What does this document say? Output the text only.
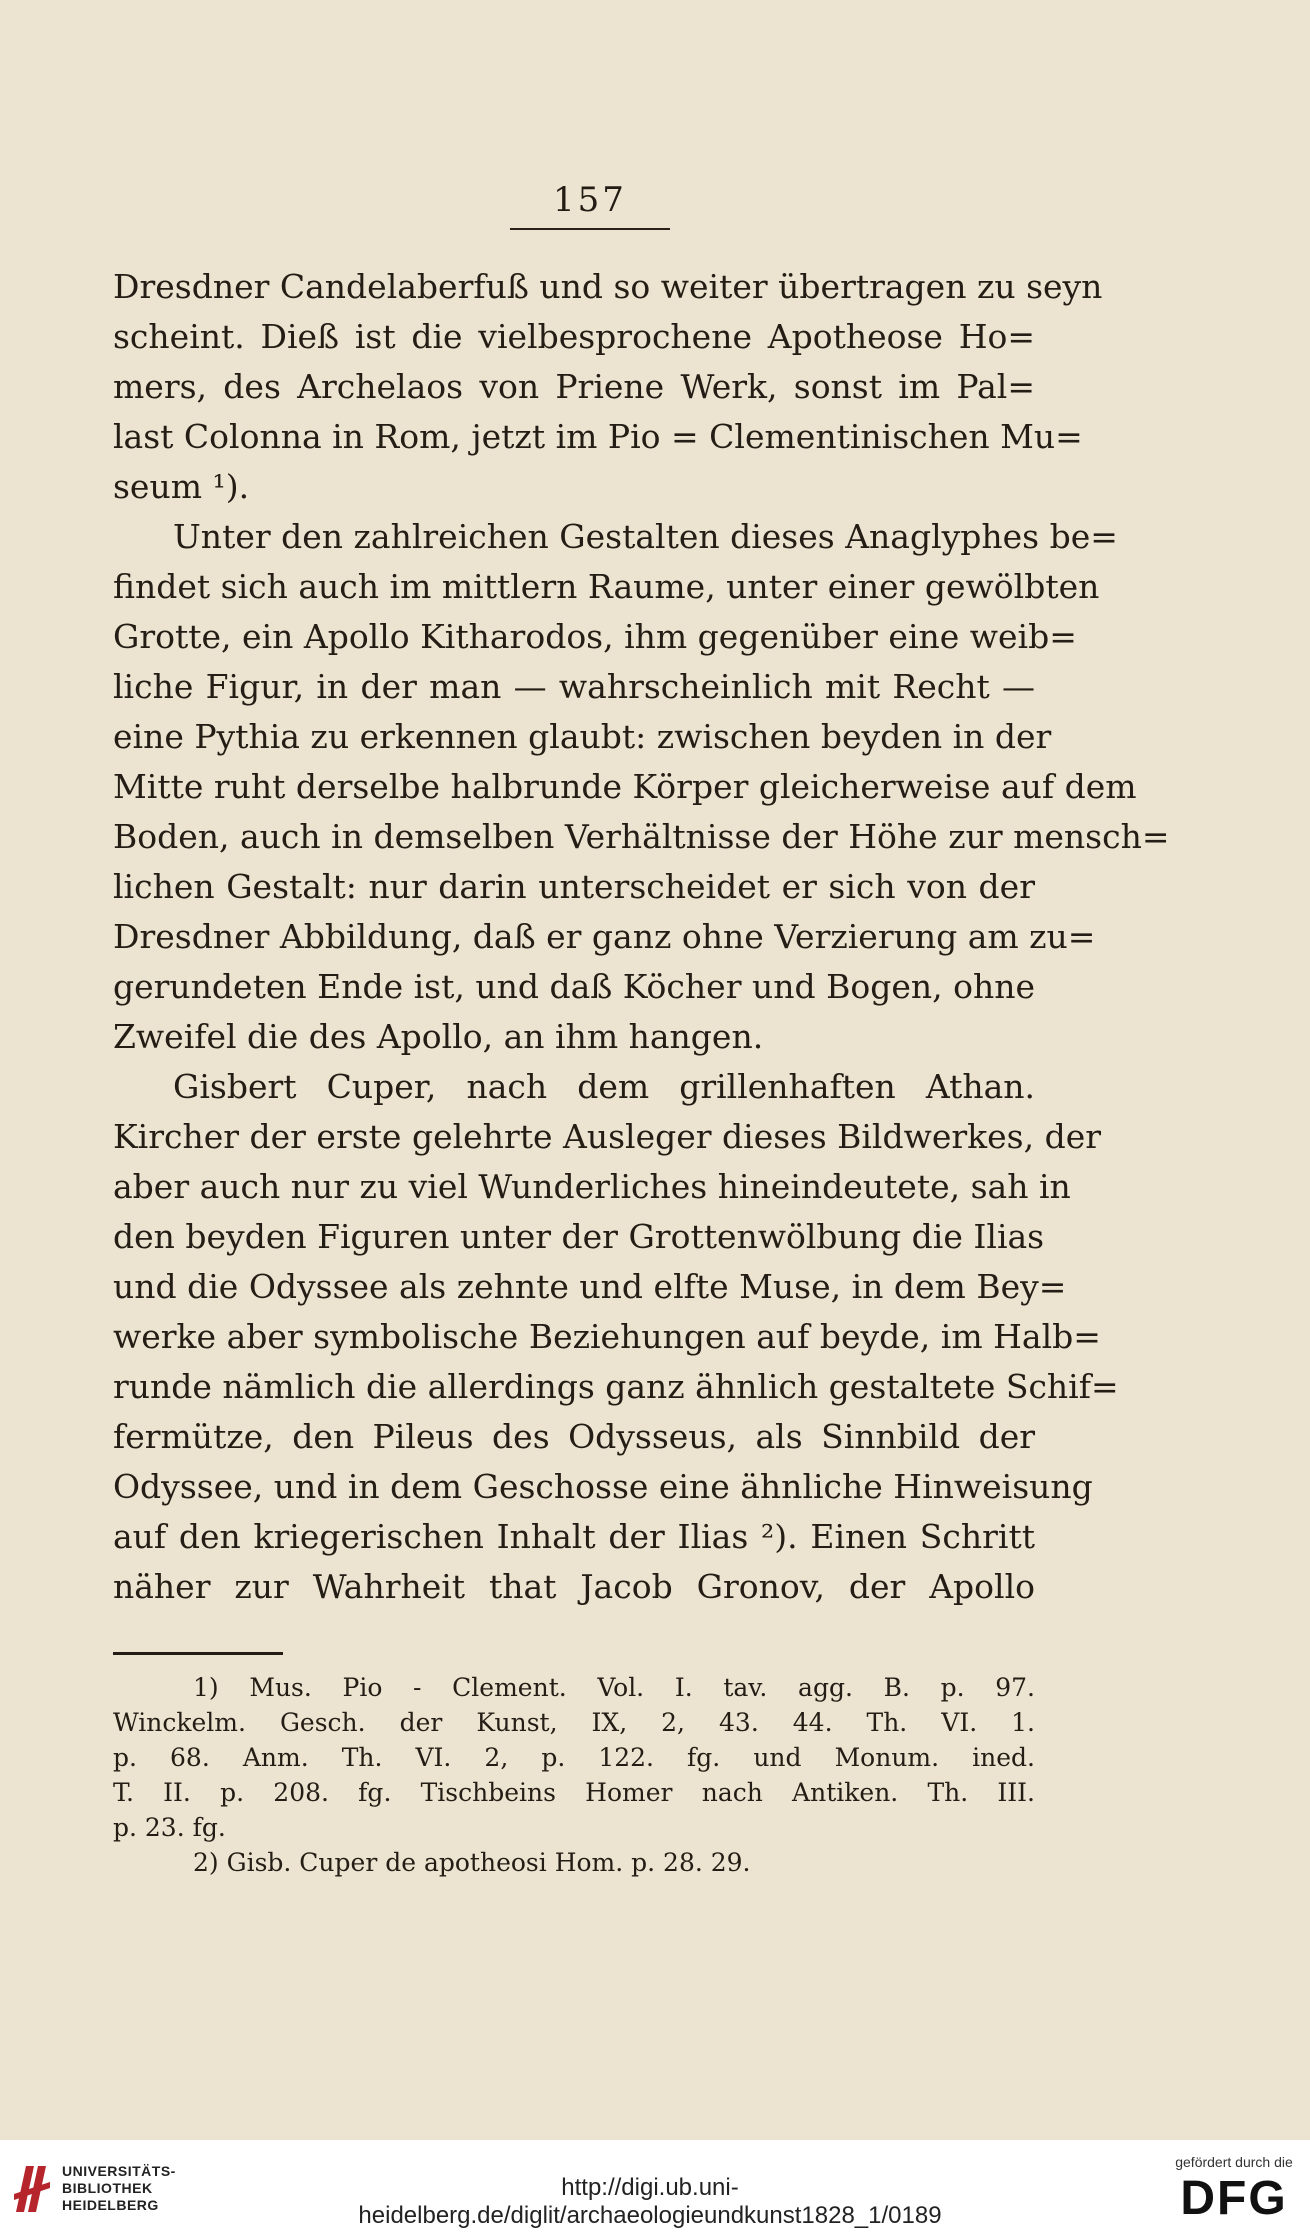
157
Dresdner Candelaberfuß und so weiter übertragen zu seyn
scheint. Dieß ist die vielbesprochene Apotheose Ho=
mers, des Archelaos von Priene Werk, sonst im Pal=
last Colonna in Rom, jetzt im Pio = Clementinischen Mu=
seum ¹).
Unter den zahlreichen Gestalten dieses Anaglyphes be=
findet sich auch im mittlern Raume, unter einer gewölbten
Grotte, ein Apollo Kitharodos, ihm gegenüber eine weib=
liche Figur, in der man — wahrscheinlich mit Recht —
eine Pythia zu erkennen glaubt: zwischen beyden in der
Mitte ruht derselbe halbrunde Körper gleicherweise auf dem
Boden, auch in demselben Verhältnisse der Höhe zur mensch=
lichen Gestalt: nur darin unterscheidet er sich von der
Dresdner Abbildung, daß er ganz ohne Verzierung am zu=
gerundeten Ende ist, und daß Köcher und Bogen, ohne
Zweifel die des Apollo, an ihm hangen.
Gisbert Cuper, nach dem grillenhaften Athan.
Kircher der erste gelehrte Ausleger dieses Bildwerkes, der
aber auch nur zu viel Wunderliches hineindeutete, sah in
den beyden Figuren unter der Grottenwölbung die Ilias
und die Odyssee als zehnte und elfte Muse, in dem Bey=
werke aber symbolische Beziehungen auf beyde, im Halb=
runde nämlich die allerdings ganz ähnlich gestaltete Schif=
fermütze, den Pileus des Odysseus, als Sinnbild der
Odyssee, und in dem Geschosse eine ähnliche Hinweisung
auf den kriegerischen Inhalt der Ilias ²). Einen Schritt
näher zur Wahrheit that Jacob Gronov, der Apollo
1) Mus. Pio - Clement. Vol. I. tav. agg. B. p. 97.
Winckelm. Gesch. der Kunst, IX, 2, 43. 44. Th. VI. 1.
p. 68. Anm. Th. VI. 2, p. 122. fg. und Monum. ined.
T. II. p. 208. fg. Tischbeins Homer nach Antiken. Th. III.
p. 23. fg.
2) Gisb. Cuper de apotheosi Hom. p. 28. 29.
UNIVERSITÄTS-
BIBLIOTHEK
HEIDELBERG
http://digi.ub.uni-heidelberg.de/diglit/archaeologieundkunst1828_1/0189
gefördert durch die
DFG
